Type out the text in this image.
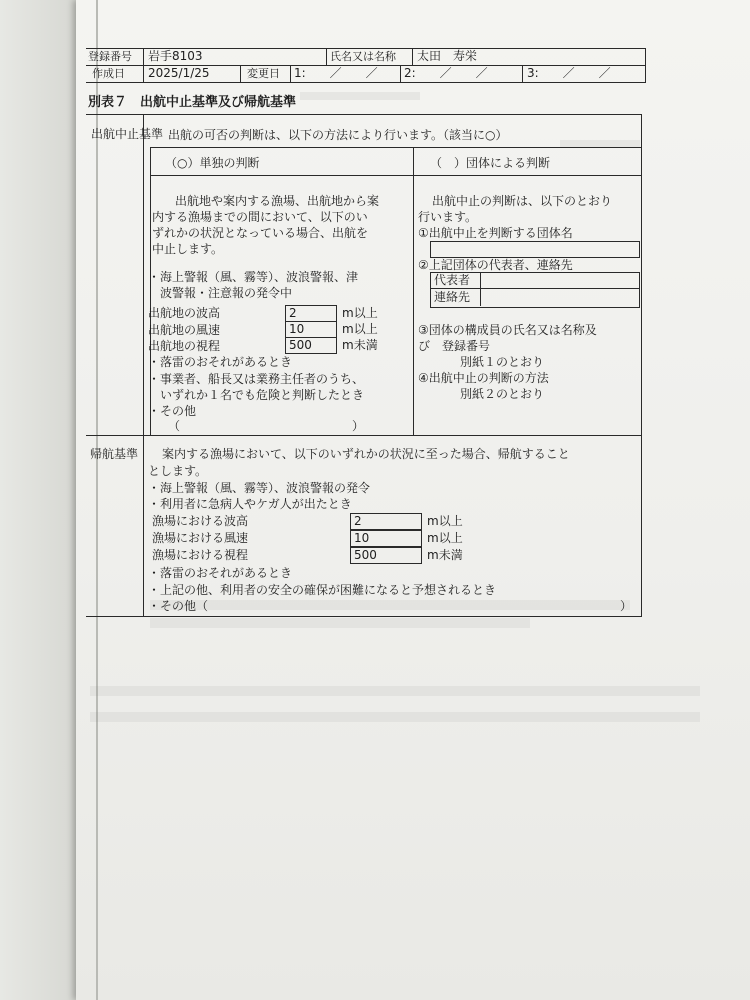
登録番号 岩手8103	氏名又は名称 太田　寿栄
作成日 2025/1/25	変更日 1:　　／　　／ 2:　　／　　／	3:　　／　　／
別表７　出航中止基準及び帰航基準
出航中止基準 出航の可否の判断は、以下の方法により行います。（該当に○）
（○）単独の判断	（　）団体による判断
出航地や案内する漁場、出航地から案
内する漁場までの間において、以下のい
ずれかの状況となっている場合、出航を
中止します。
・海上警報（風、霧等）、波浪警報、津
　波警報・注意報の発令中
出航地の波高	2	m以上
出航地の風速	10	m以上
出航地の視程	500	m未満
・落雷のおそれがあるとき
・事業者、船長又は業務主任者のうち、
　いずれか１名でも危険と判断したとき
・その他
（	）
出航中止の判断は、以下のとおり
行います。
①出航中止を判断する団体名
②上記団体の代表者、連絡先
代表者
連絡先
③団体の構成員の氏名又は名称及
び　登録番号
別紙１のとおり
④出航中止の判断の方法
別紙２のとおり
帰航基準 案内する漁場において、以下のいずれかの状況に至った場合、帰航すること
とします。
・海上警報（風、霧等）、波浪警報の発令
・利用者に急病人やケガ人が出たとき
漁場における波高	2	m以上
漁場における風速	10	m以上
漁場における視程	500	m未満
・落雷のおそれがあるとき
・上記の他、利用者の安全の確保が困難になると予想されるとき
・その他（	）
